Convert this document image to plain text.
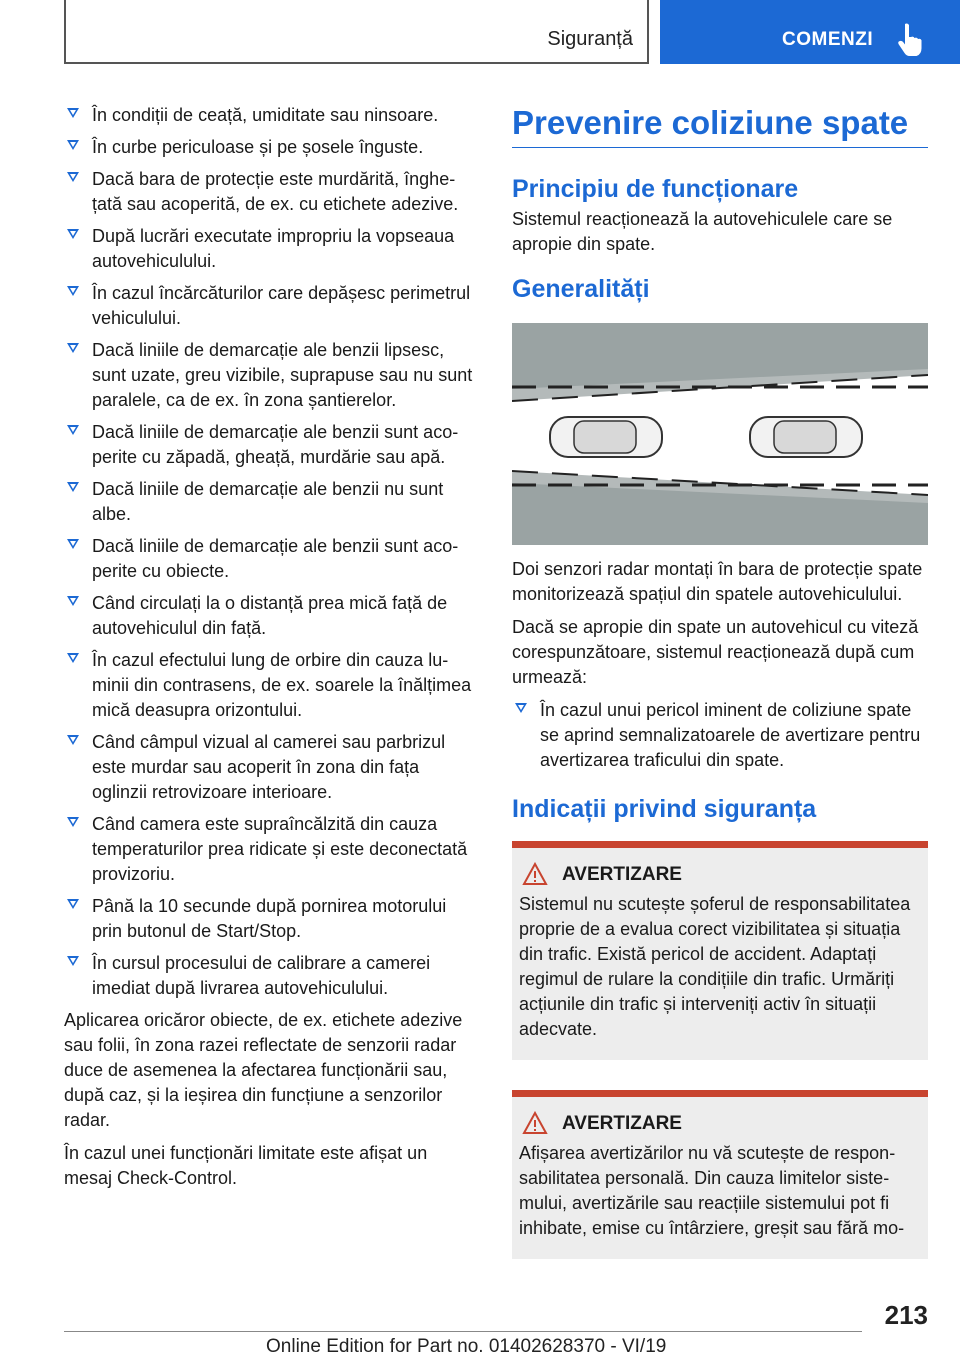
Siguranță	COMENZI
În condiții de ceață, umiditate sau ninsoare.
În curbe periculoase și pe șosele înguste.
Dacă bara de protecție este murdărită, înghețată sau acoperită, de ex. cu etichete adezive.
După lucrări executate impropriu la vopseaua autovehiculului.
În cazul încărcăturilor care depășesc perimetrul vehiculului.
Dacă liniile de demarcație ale benzii lipsesc, sunt uzate, greu vizibile, suprapuse sau nu sunt paralele, ca de ex. în zona șantierelor.
Dacă liniile de demarcație ale benzii sunt acoperite cu zăpadă, gheață, murdărie sau apă.
Dacă liniile de demarcație ale benzii nu sunt albe.
Dacă liniile de demarcație ale benzii sunt acoperite cu obiecte.
Când circulați la o distanță prea mică față de autovehiculul din față.
În cazul efectului lung de orbire din cauza luminii din contrasens, de ex. soarele la înălțimea mică deasupra orizontului.
Când câmpul vizual al camerei sau parbrizul este murdar sau acoperit în zona din fața oglinzii retrovizoare interioare.
Când camera este supraîncălzită din cauza temperaturilor prea ridicate și este deconectată provizoriu.
Până la 10 secunde după pornirea motorului prin butonul de Start/Stop.
În cursul procesului de calibrare a camerei imediat după livrarea autovehiculului.

Aplicarea oricăror obiecte, de ex. etichete adezive sau folii, în zona razei reflectate de senzorii radar duce de asemenea la afectarea funcționării sau, după caz, și la ieșirea din funcțiune a senzorilor radar.

În cazul unei funcționări limitate este afișat un mesaj Check-Control.

Prevenire coliziune spate
Principiu de funcționare

Sistemul reacționează la autovehiculele care se apropie din spate.

Generalități

Doi senzori radar montați în bara de protecție spate monitorizează spațiul din spatele autovehiculului.

Dacă se apropie din spate un autovehicul cu viteză corespunzătoare, sistemul reacționează după cum urmează:

În cazul unui pericol iminent de coliziune spate se aprind semnalizatoarele de avertizare pentru avertizarea traficului din spate.
Indicații privind siguranța
AVERTIZARE
Sistemul nu scutește șoferul de responsabilitatea proprie de a evalua corect vizibilitatea și situația din trafic. Există pericol de accident. Adaptați regimul de rulare la condițiile din trafic. Urmăriți acțiunile din trafic și interveniți activ în situații adecvate.
AVERTIZARE
Afișarea avertizărilor nu vă scutește de responsabilitatea personală. Din cauza limitelor sistemului, avertizările sau reacțiile sistemului pot fi inhibate, emise cu întârziere, greșit sau fără mo-
213
Online Edition for Part no. 01402628370 - VI/19
